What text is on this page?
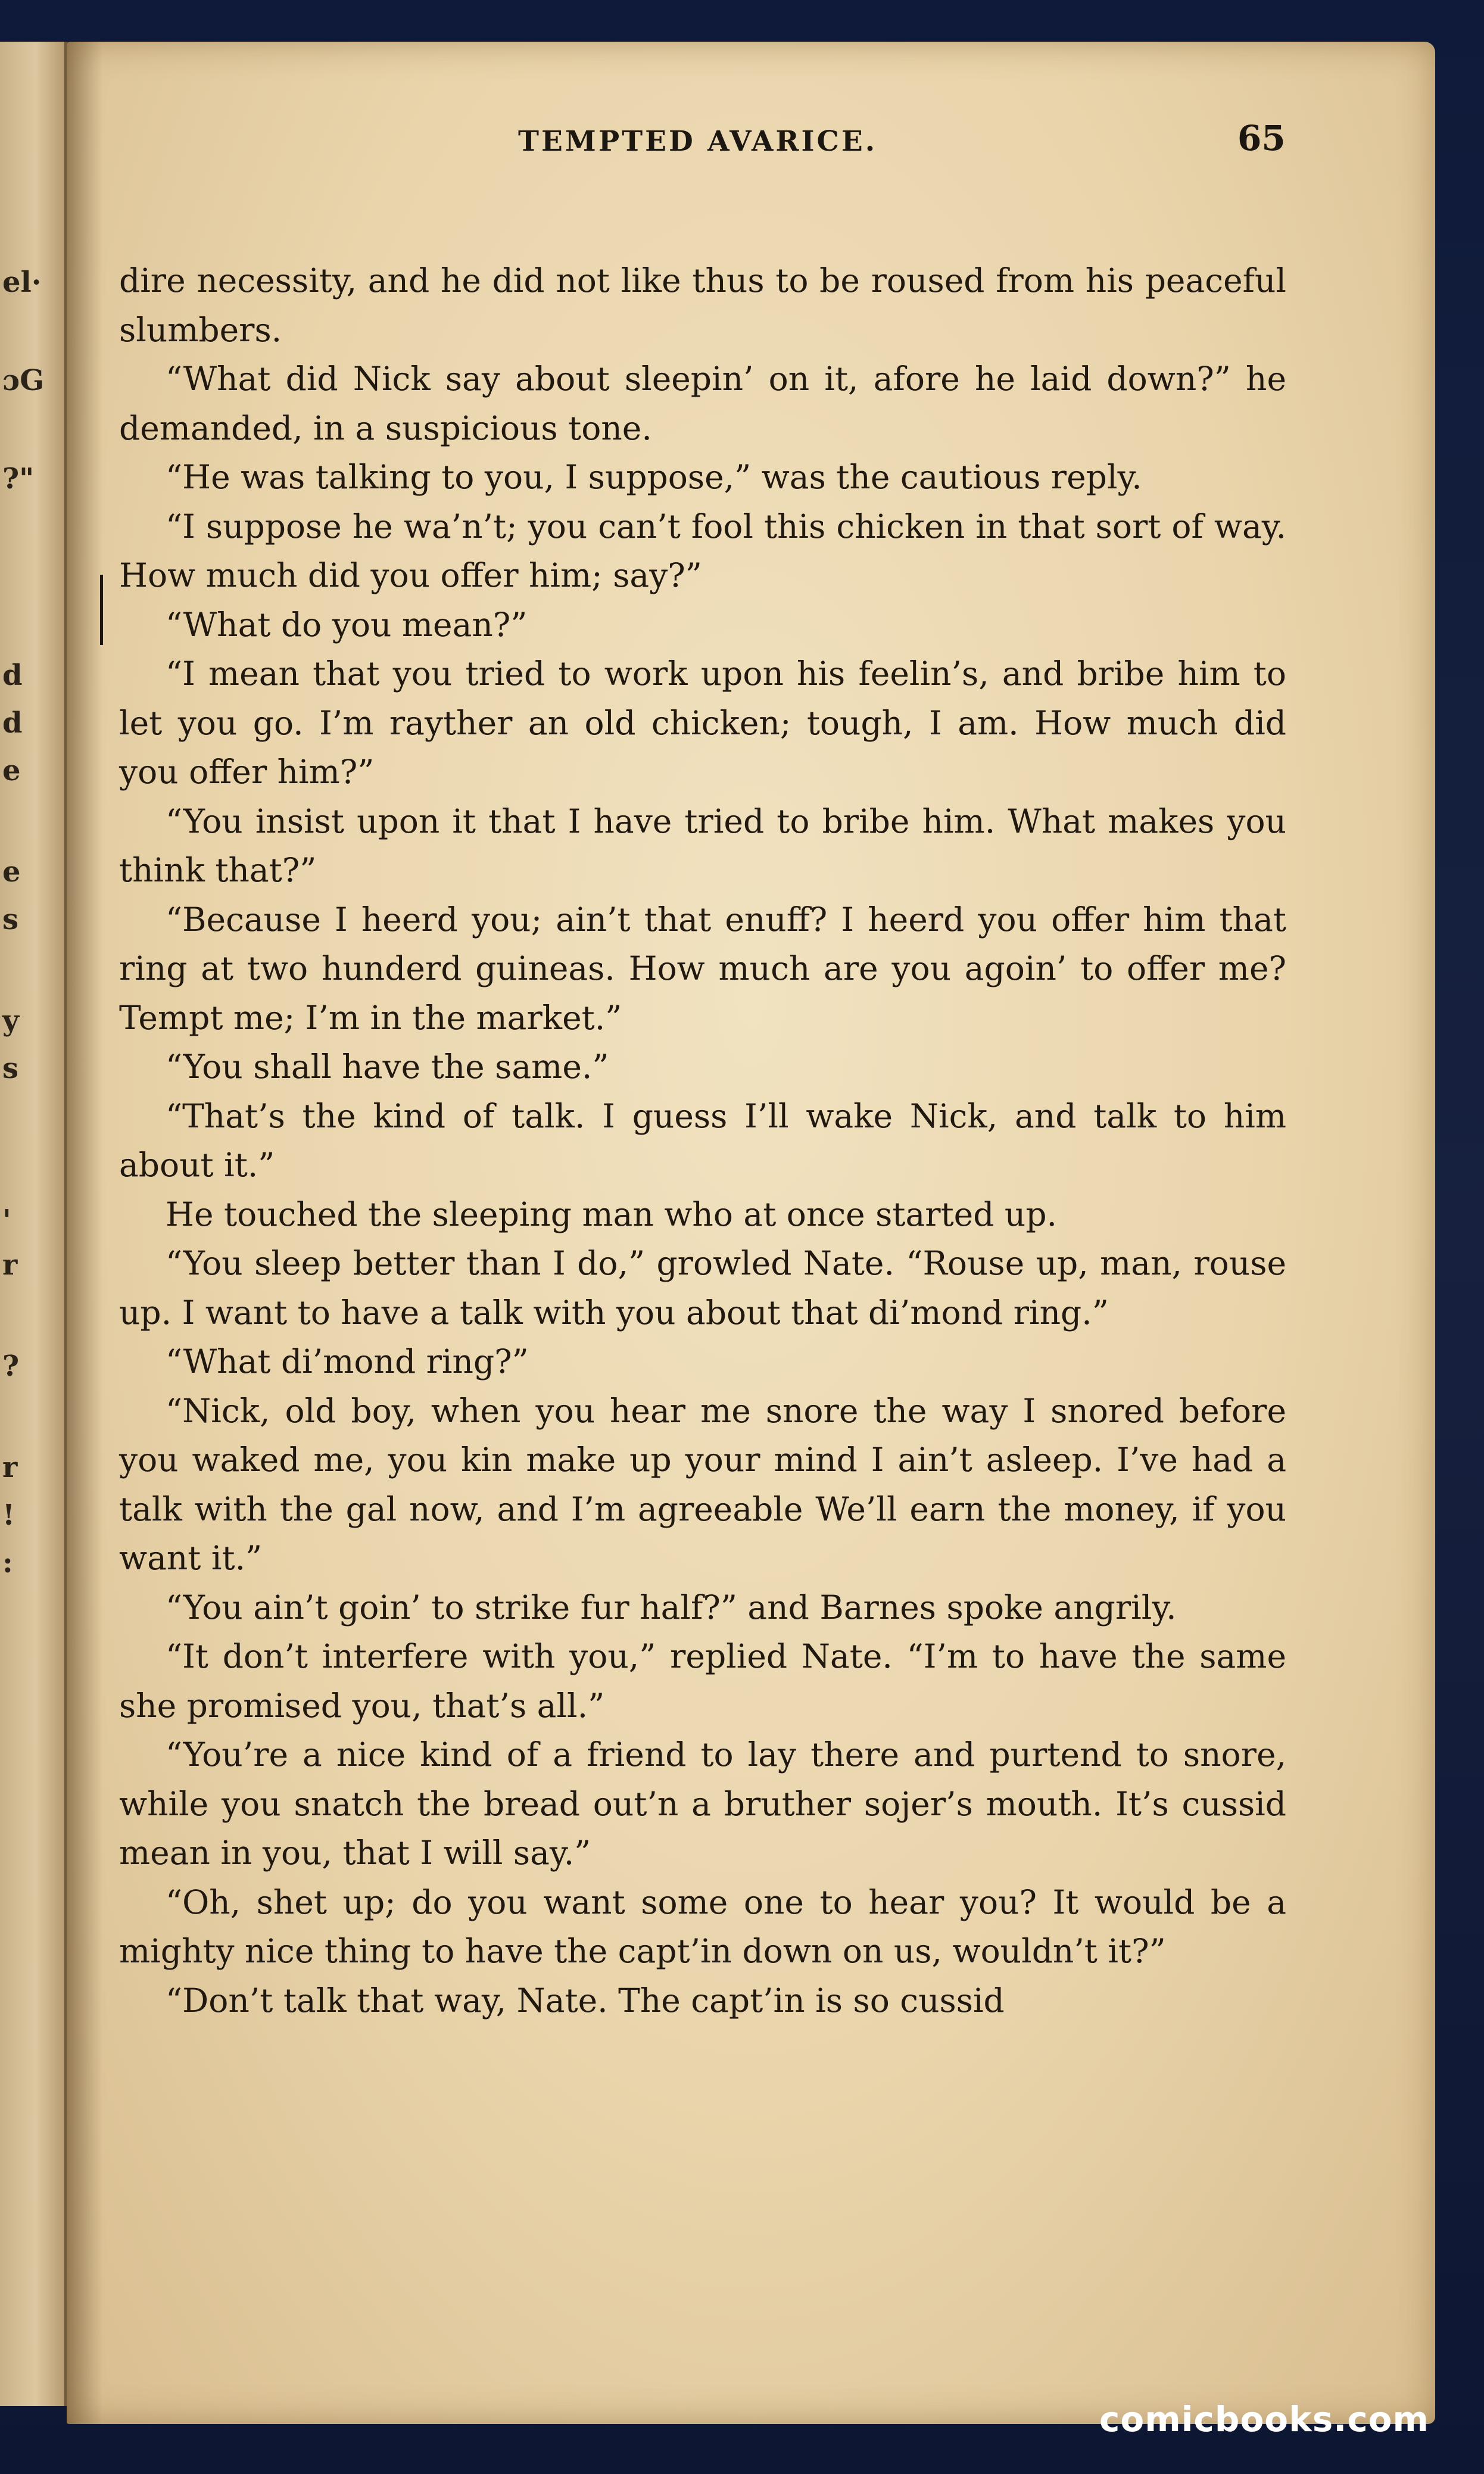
el·
ɔG
?"
d
d
e
e
s
y
s
'
r
?
r
!
:
TEMPTED AVARICE.	65

dire necessity, and he did not like thus to be roused from his peaceful slumbers.

“What did Nick say about sleepin’ on it, afore he laid down?” he demanded, in a suspicious tone.

“He was talking to you, I suppose,” was the cautious reply.

“I suppose he wa’n’t; you can’t fool this chicken in that sort of way. How much did you offer him; say?”

“What do you mean?”

“I mean that you tried to work upon his feelin’s, and bribe him to let you go. I’m rayther an old chicken; tough, I am. How much did you offer him?”

“You insist upon it that I have tried to bribe him. What makes you think that?”

“Because I heerd you; ain’t that enuff? I heerd you offer him that ring at two hunderd guineas. How much are you agoin’ to offer me? Tempt me; I’m in the market.”

“You shall have the same.”

“That’s the kind of talk. I guess I’ll wake Nick, and talk to him about it.”

He touched the sleeping man who at once started up.

“You sleep better than I do,” growled Nate. “Rouse up, man, rouse up. I want to have a talk with you about that di’mond ring.”

“What di’mond ring?”

“Nick, old boy, when you hear me snore the way I snored before you waked me, you kin make up your mind I ain’t asleep. I’ve had a talk with the gal now, and I’m agreeable We’ll earn the money, if you want it.”

“You ain’t goin’ to strike fur half?” and Barnes spoke angrily.

“It don’t interfere with you,” replied Nate. “I’m to have the same she promised you, that’s all.”

“You’re a nice kind of a friend to lay there and purtend to snore, while you snatch the bread out’n a bruther sojer’s mouth. It’s cussid mean in you, that I will say.”

“Oh, shet up; do you want some one to hear you? It would be a mighty nice thing to have the capt’in down on us, wouldn’t it?”

“Don’t talk that way, Nate. The capt’in is so cussid

comicbooks.com
